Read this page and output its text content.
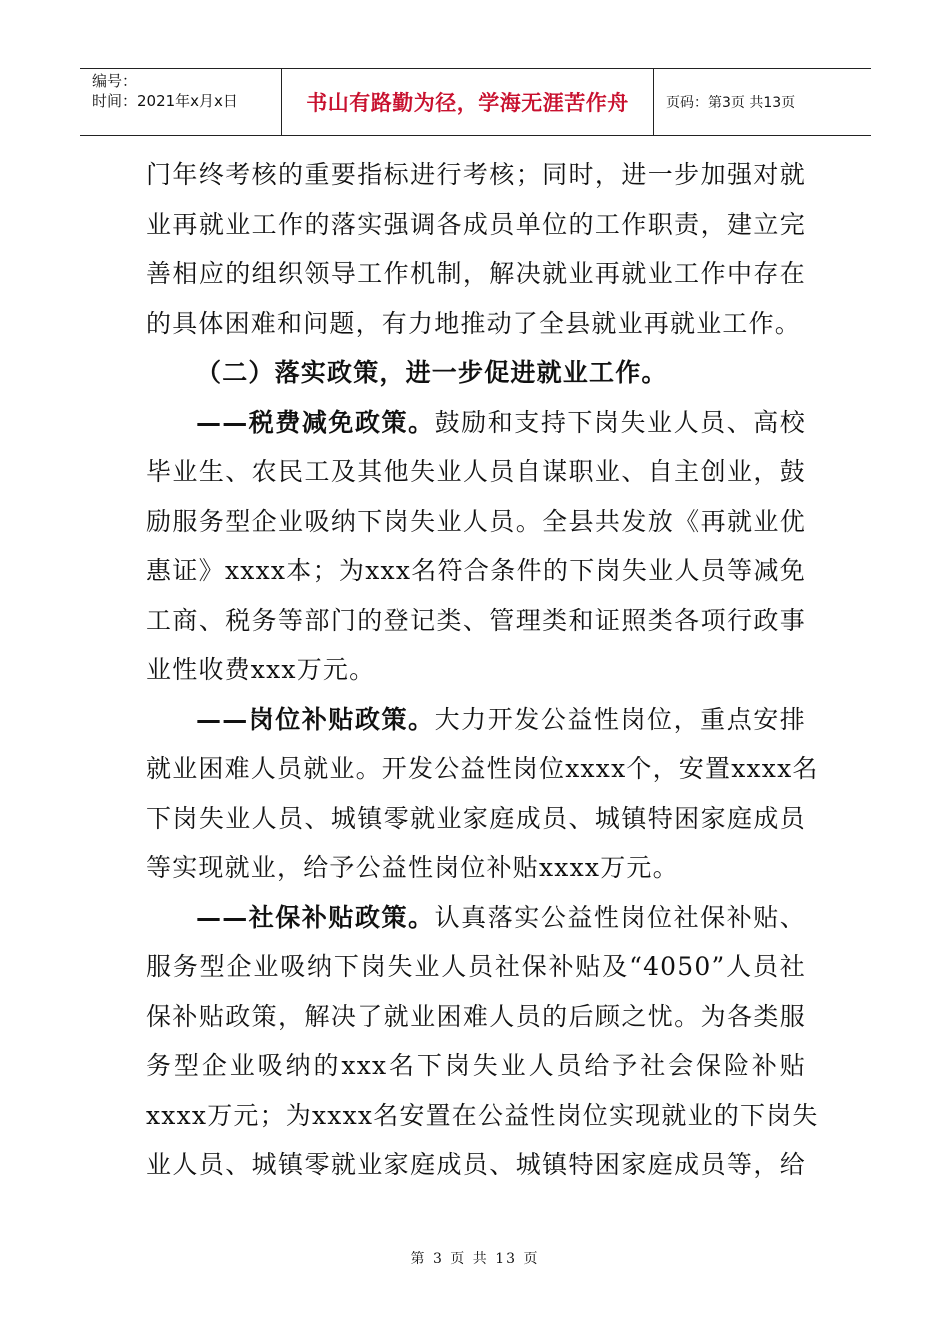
编号：
时间：2021年x月x日	书山有路勤为径，学海无涯苦作舟	页码：第3页 共13页
门年终考核的重要指标进行考核；同时，进一步加强对就
业再就业工作的落实强调各成员单位的工作职责，建立完
善相应的组织领导工作机制，解决就业再就业工作中存在
的具体困难和问题，有力地推动了全县就业再就业工作。
（二）落实政策，进一步促进就业工作。
——税费减免政策。鼓励和支持下岗失业人员、高校
毕业生、农民工及其他失业人员自谋职业、自主创业，鼓
励服务型企业吸纳下岗失业人员。全县共发放《再就业优
惠证》xxxx本；为xxx名符合条件的下岗失业人员等减免
工商、税务等部门的登记类、管理类和证照类各项行政事
业性收费xxx万元。
——岗位补贴政策。大力开发公益性岗位，重点安排
就业困难人员就业。开发公益性岗位xxxx个，安置xxxx名
下岗失业人员、城镇零就业家庭成员、城镇特困家庭成员
等实现就业，给予公益性岗位补贴xxxx万元。
——社保补贴政策。认真落实公益性岗位社保补贴、
服务型企业吸纳下岗失业人员社保补贴及“4050”人员社
保补贴政策，解决了就业困难人员的后顾之忧。为各类服
务型企业吸纳的xxx名下岗失业人员给予社会保险补贴
xxxx万元；为xxxx名安置在公益性岗位实现就业的下岗失
业人员、城镇零就业家庭成员、城镇特困家庭成员等，给
第 3 页 共 13 页
